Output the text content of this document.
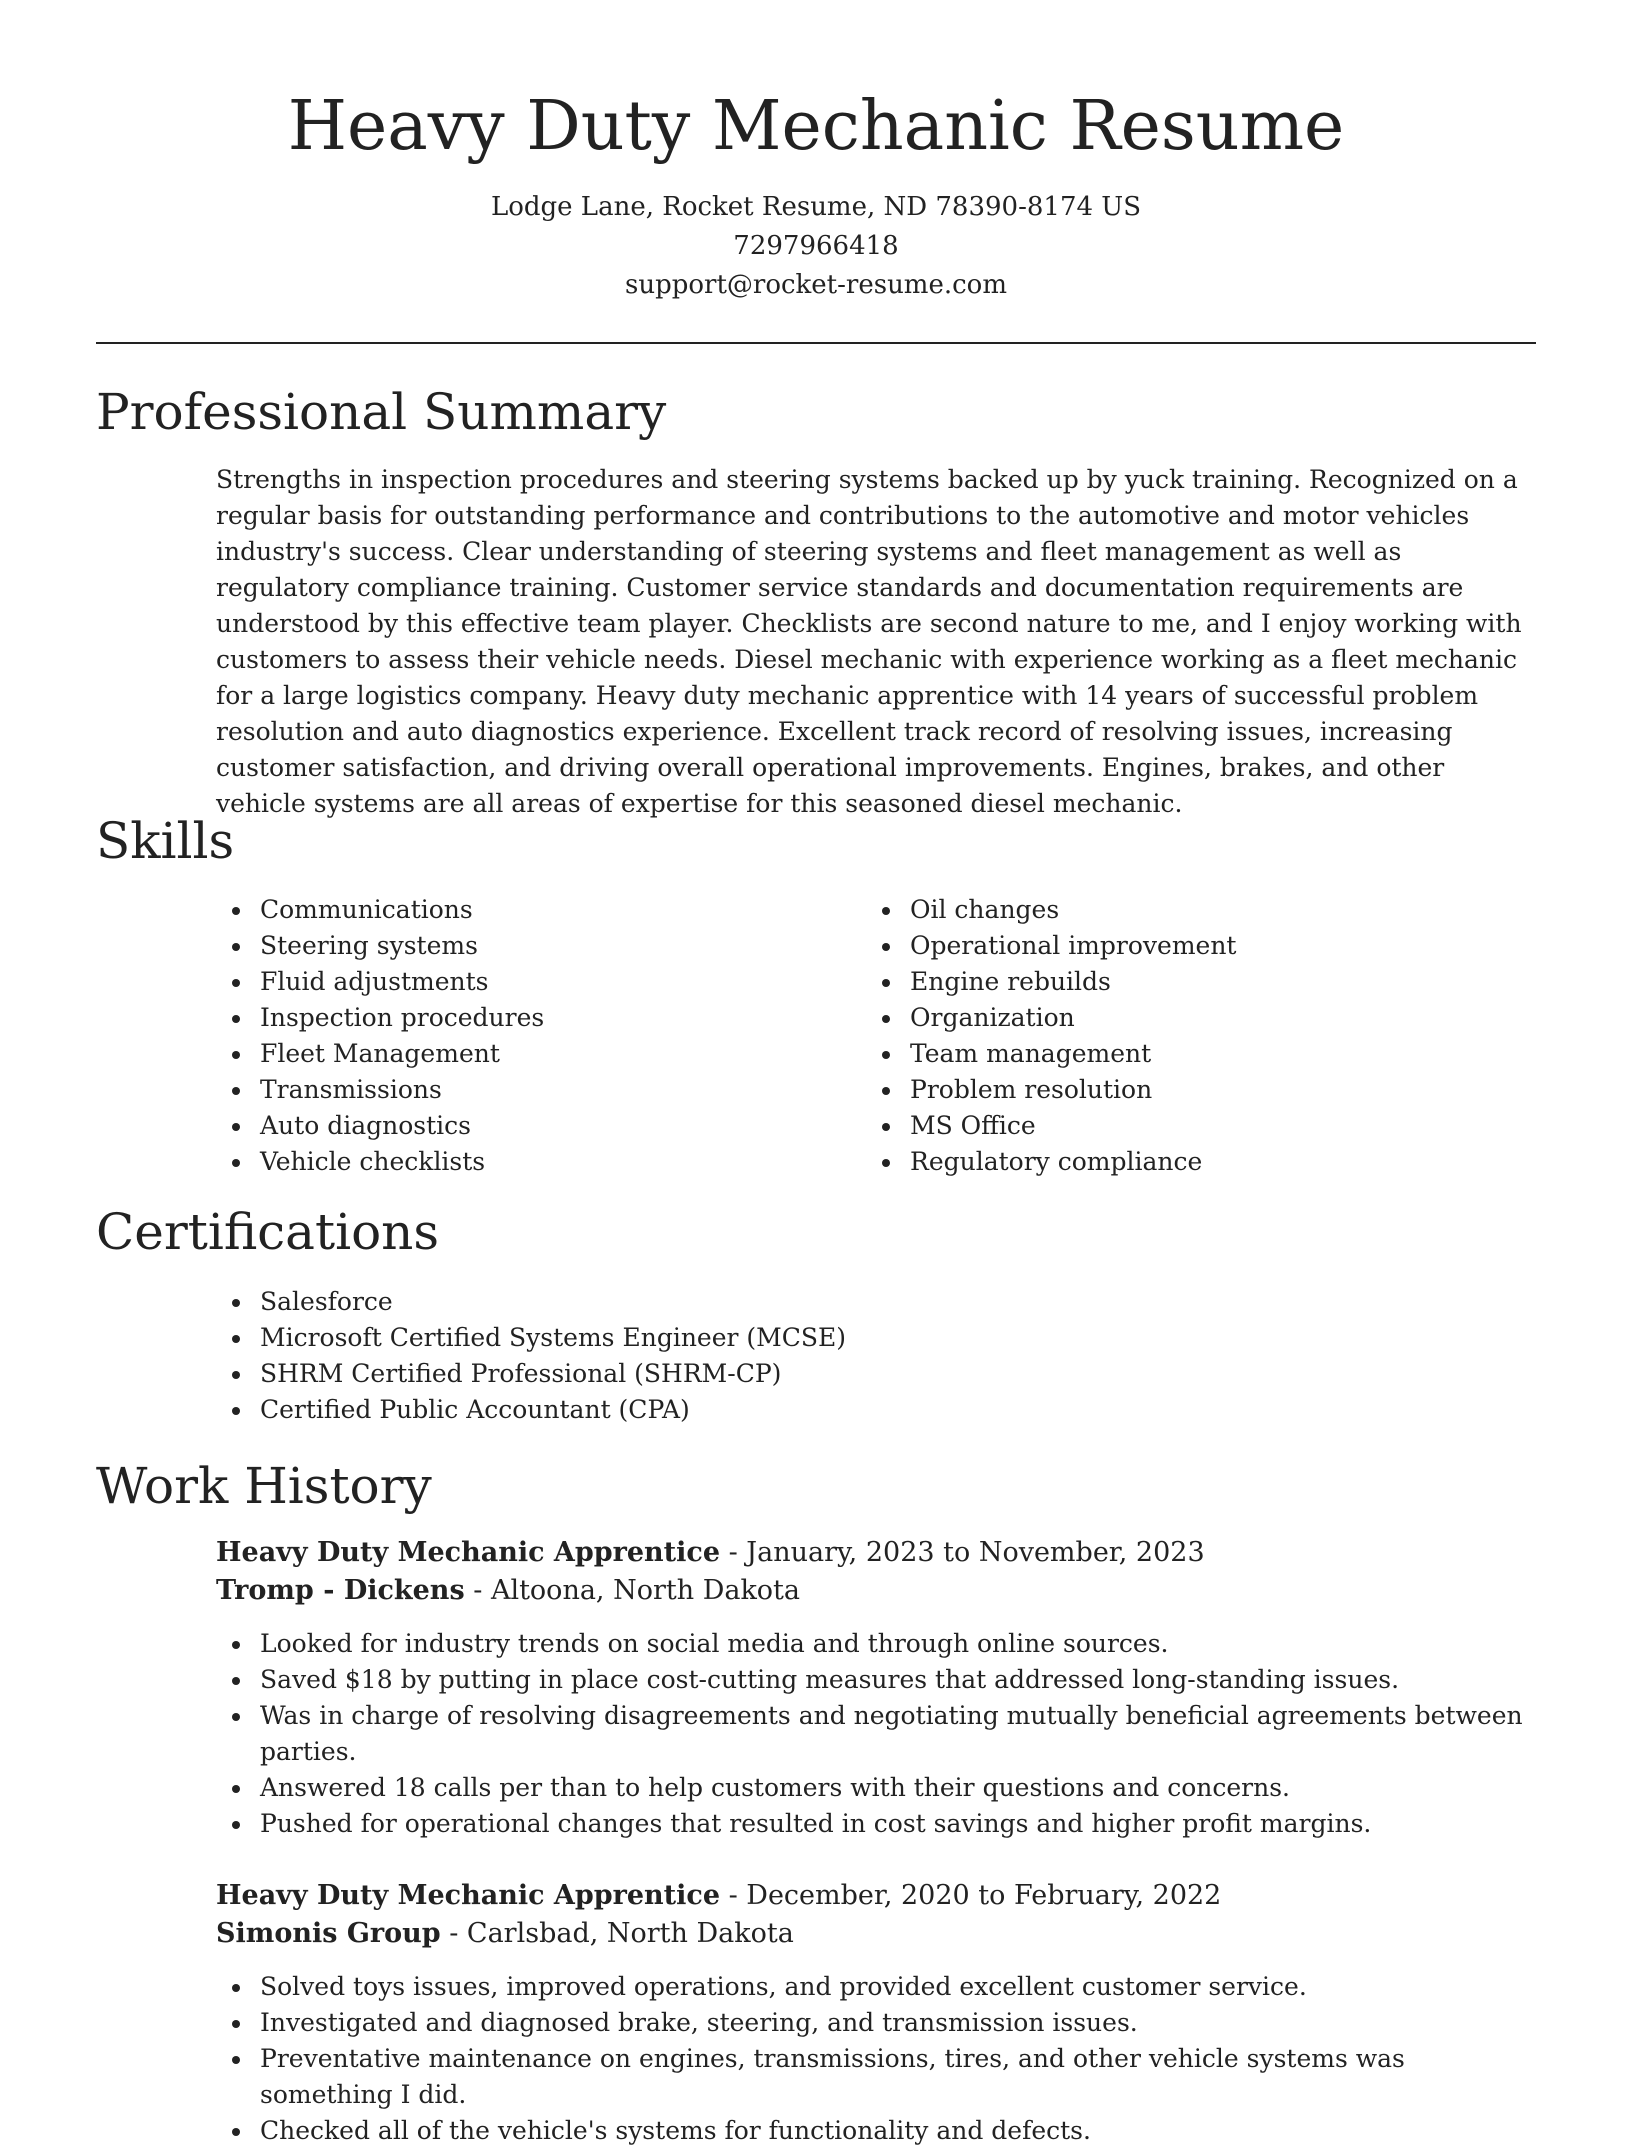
Heavy Duty Mechanic Resume
Lodge Lane, Rocket Resume, ND 78390-8174 US
7297966418
support@rocket-resume.com
Professional Summary

Strengths in inspection procedures and steering systems backed up by yuck training. Recognized on a regular basis for outstanding performance and contributions to the automotive and motor vehicles industry's success. Clear understanding of steering systems and fleet management as well as regulatory compliance training. Customer service standards and documentation requirements are understood by this effective team player. Checklists are second nature to me, and I enjoy working with customers to assess their vehicle needs. Diesel mechanic with experience working as a fleet mechanic for a large logistics company. Heavy duty mechanic apprentice with 14 years of successful problem resolution and auto diagnostics experience. Excellent track record of resolving issues, increasing customer satisfaction, and driving overall operational improvements. Engines, brakes, and other vehicle systems are all areas of expertise for this seasoned diesel mechanic.

Skills
Communications
Steering systems
Fluid adjustments
Inspection procedures
Fleet Management
Transmissions
Auto diagnostics
Vehicle checklists
Oil changes
Operational improvement
Engine rebuilds
Organization
Team management
Problem resolution
MS Office
Regulatory compliance
Certifications
Salesforce
Microsoft Certified Systems Engineer (MCSE)
SHRM Certified Professional (SHRM-CP)
Certified Public Accountant (CPA)
Work History
Heavy Duty Mechanic Apprentice - January, 2023 to November, 2023
Tromp - Dickens - Altoona, North Dakota
Looked for industry trends on social media and through online sources.
Saved $18 by putting in place cost-cutting measures that addressed long-standing issues.
Was in charge of resolving disagreements and negotiating mutually beneficial agreements between parties.
Answered 18 calls per than to help customers with their questions and concerns.
Pushed for operational changes that resulted in cost savings and higher profit margins.
Heavy Duty Mechanic Apprentice - December, 2020 to February, 2022
Simonis Group - Carlsbad, North Dakota
Solved toys issues, improved operations, and provided excellent customer service.
Investigated and diagnosed brake, steering, and transmission issues.
Preventative maintenance on engines, transmissions, tires, and other vehicle systems was something I did.
Checked all of the vehicle's systems for functionality and defects.
